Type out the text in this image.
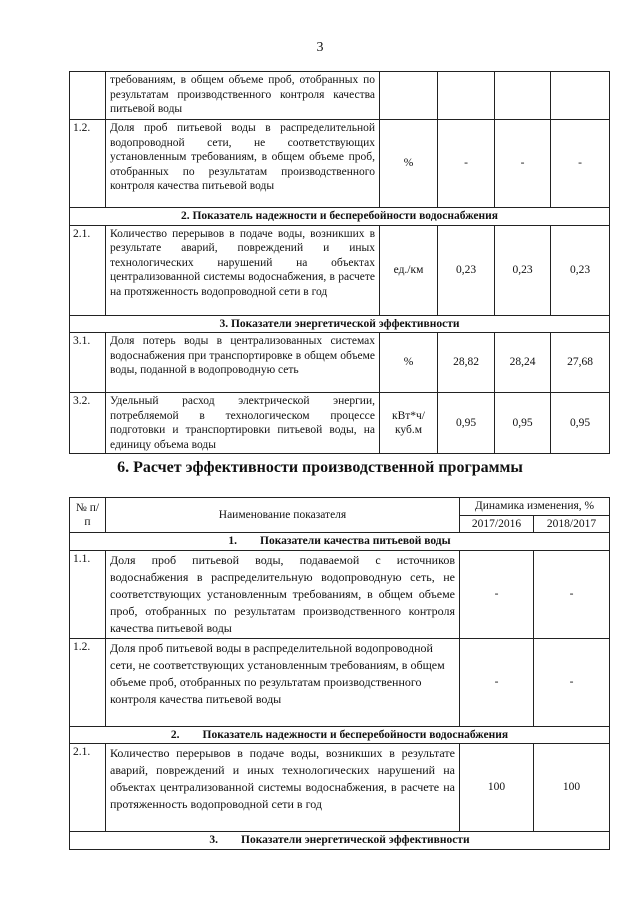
3
	требованиям, в общем объеме проб, отобранных по результатам производственного контроля качества питьевой воды				
1.2.	Доля проб питьевой воды в распределительной водопроводной сети, не соответствующих установленным требованиям, в общем объеме проб, отобранных по результатам производственного контроля качества питьевой воды	%	-	-	-
2. Показатель надежности и бесперебойности водоснабжения					
2.1.	Количество перерывов в подаче воды, возникших в результате аварий, повреждений и иных технологических нарушений на объектах централизованной системы водоснабжения, в расчете на протяженность водопроводной сети в год	ед./км	0,23	0,23	0,23
3. Показатели энергетической эффективности					
3.1.	Доля потерь воды в централизованных системах водоснабжения при транспортировке в общем объеме воды, поданной в водопроводную сеть	%	28,82	28,24	27,68
3.2.	Удельный расход электрической энергии, потребляемой в технологическом процессе подготовки и транспортировки питьевой воды, на единицу объема воды	кВт*ч/ куб.м	0,95	0,95	0,95
6. Расчет эффективности производственной программы
№ п/п	Наименование показателя	Динамика изменения, %	
		2017/2016	2018/2017
1. Показатели качества питьевой воды			
1.1.	Доля проб питьевой воды, подаваемой с источников водоснабжения в распределительную водопроводную сеть, не соответствующих установленным требованиям, в общем объеме проб, отобранных по результатам производственного контроля качества питьевой воды	-	-
1.2.	Доля проб питьевой воды в распределительной водопроводной сети, не соответствующих установленным требованиям, в общем объеме проб, отобранных по результатам производственного контроля качества питьевой воды	-	-
2. Показатель надежности и бесперебойности водоснабжения			
2.1.	Количество перерывов в подаче воды, возникших в результате аварий, повреждений и иных технологических нарушений на объектах централизованной системы водоснабжения, в расчете на протяженность водопроводной сети в год	100	100
3. Показатели энергетической эффективности			
